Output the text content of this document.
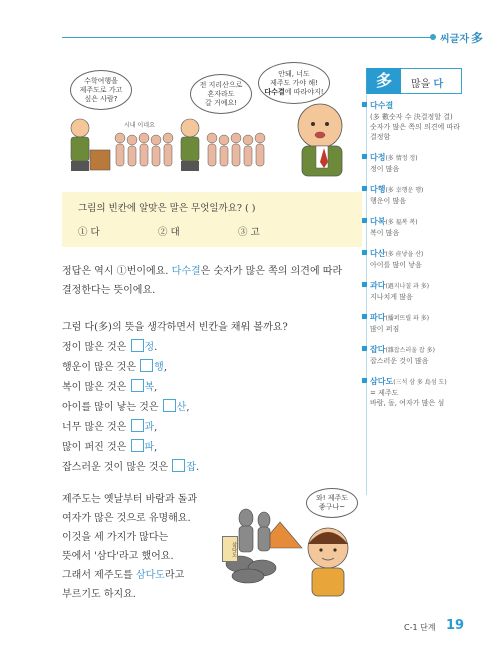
씨글자 多
수학여행을
제주도로 가고
싶은 사람?
시내 이네요
전 지리산으로
혼자라도
갈 거예요!
안돼, 너도
제주도 가야 해!
다수결에 따라야지!
그림의 빈칸에 알맞은 말은 무엇일까요? ( )
① 다	② 대	③ 고
정답은 역시 ①번이에요. 다수결은 숫자가 많은 쪽의 의견에 따라
결정한다는 뜻이에요.
그럼 다(多)의 뜻을 생각하면서 빈칸을 채워 볼까요?
정이 많은 것은 정.
행운이 많은 것은 행,
복이 많은 것은 복,
아이를 많이 낳는 것은 산,
너무 많은 것은 과,
많이 퍼진 것은 파,
잡스러운 것이 많은 것은 잡.
제주도는 옛날부터 바람과 돌과
여자가 많은 것으로 유명해요.
이것을 세 가지가 많다는
뜻에서 '삼다'라고 했어요.
그래서 제주도를 삼다도라고
부르기도 하지요.
삼다도
와! 제주도
좋구나~
多	많을 다
다수결
(多 數숫자 수 決결정할 결)
숫자가 많은 쪽의 의견에 따라
결정함
다정(多 情정 정)
정이 많음
다행(多 幸행운 행)
행운이 많음
다복(多 福복 복)
복이 많음
다산(多 産낳을 산)
아이를 많이 낳음
과다(過지나칠 과 多)
지나치게 많음
파다(播퍼뜨릴 파 多)
많이 퍼짐
잡다(雜잡스러울 잡 多)
잡스러운 것이 많음
삼다도(三석 삼 多 島섬 도)
= 제주도
바람, 돌, 여자가 많은 섬
C-1 단계 19
